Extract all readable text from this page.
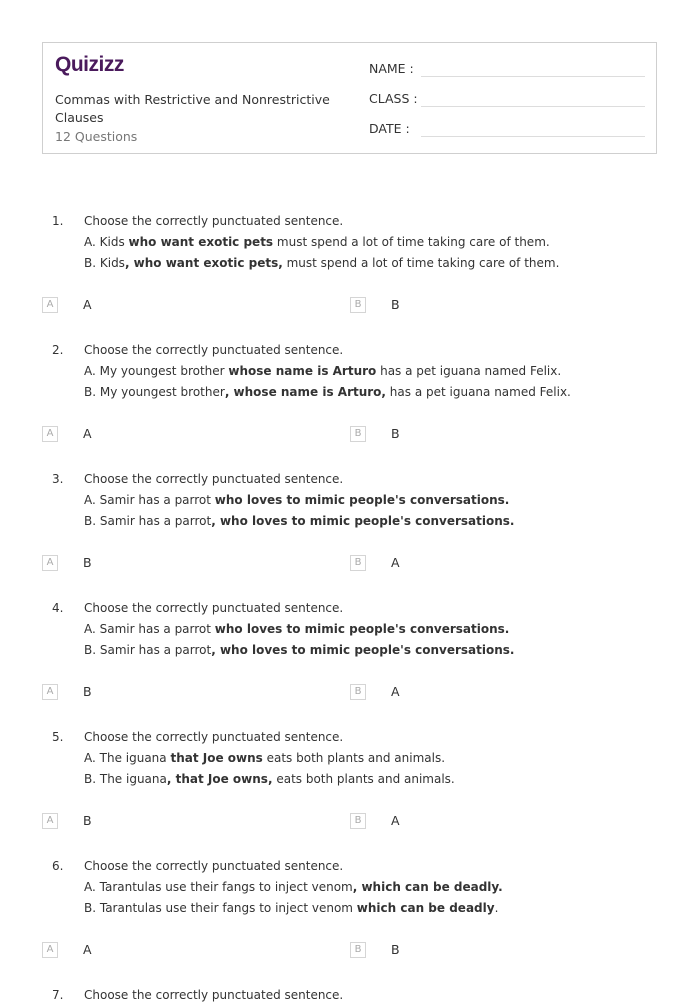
Quizizz
Commas with Restrictive and Nonrestrictive Clauses
12 Questions
NAME :
CLASS :
DATE :
1. Choose the correctly punctuated sentence.
A. Kids who want exotic pets must spend a lot of time taking care of them.
B. Kids, who want exotic pets, must spend a lot of time taking care of them.
A	A	B	B
2. Choose the correctly punctuated sentence.
A. My youngest brother whose name is Arturo has a pet iguana named Felix.
B. My youngest brother, whose name is Arturo, has a pet iguana named Felix.
A	A	B	B
3. Choose the correctly punctuated sentence.
A. Samir has a parrot who loves to mimic people's conversations.
B. Samir has a parrot, who loves to mimic people's conversations.
A	B	B	A
4. Choose the correctly punctuated sentence.
A. Samir has a parrot who loves to mimic people's conversations.
B. Samir has a parrot, who loves to mimic people's conversations.
A	B	B	A
5. Choose the correctly punctuated sentence.
A. The iguana that Joe owns eats both plants and animals.
B. The iguana, that Joe owns, eats both plants and animals.
A	B	B	A
6. Choose the correctly punctuated sentence.
A. Tarantulas use their fangs to inject venom, which can be deadly.
B. Tarantulas use their fangs to inject venom which can be deadly.
A	A	B	B
7. Choose the correctly punctuated sentence.
